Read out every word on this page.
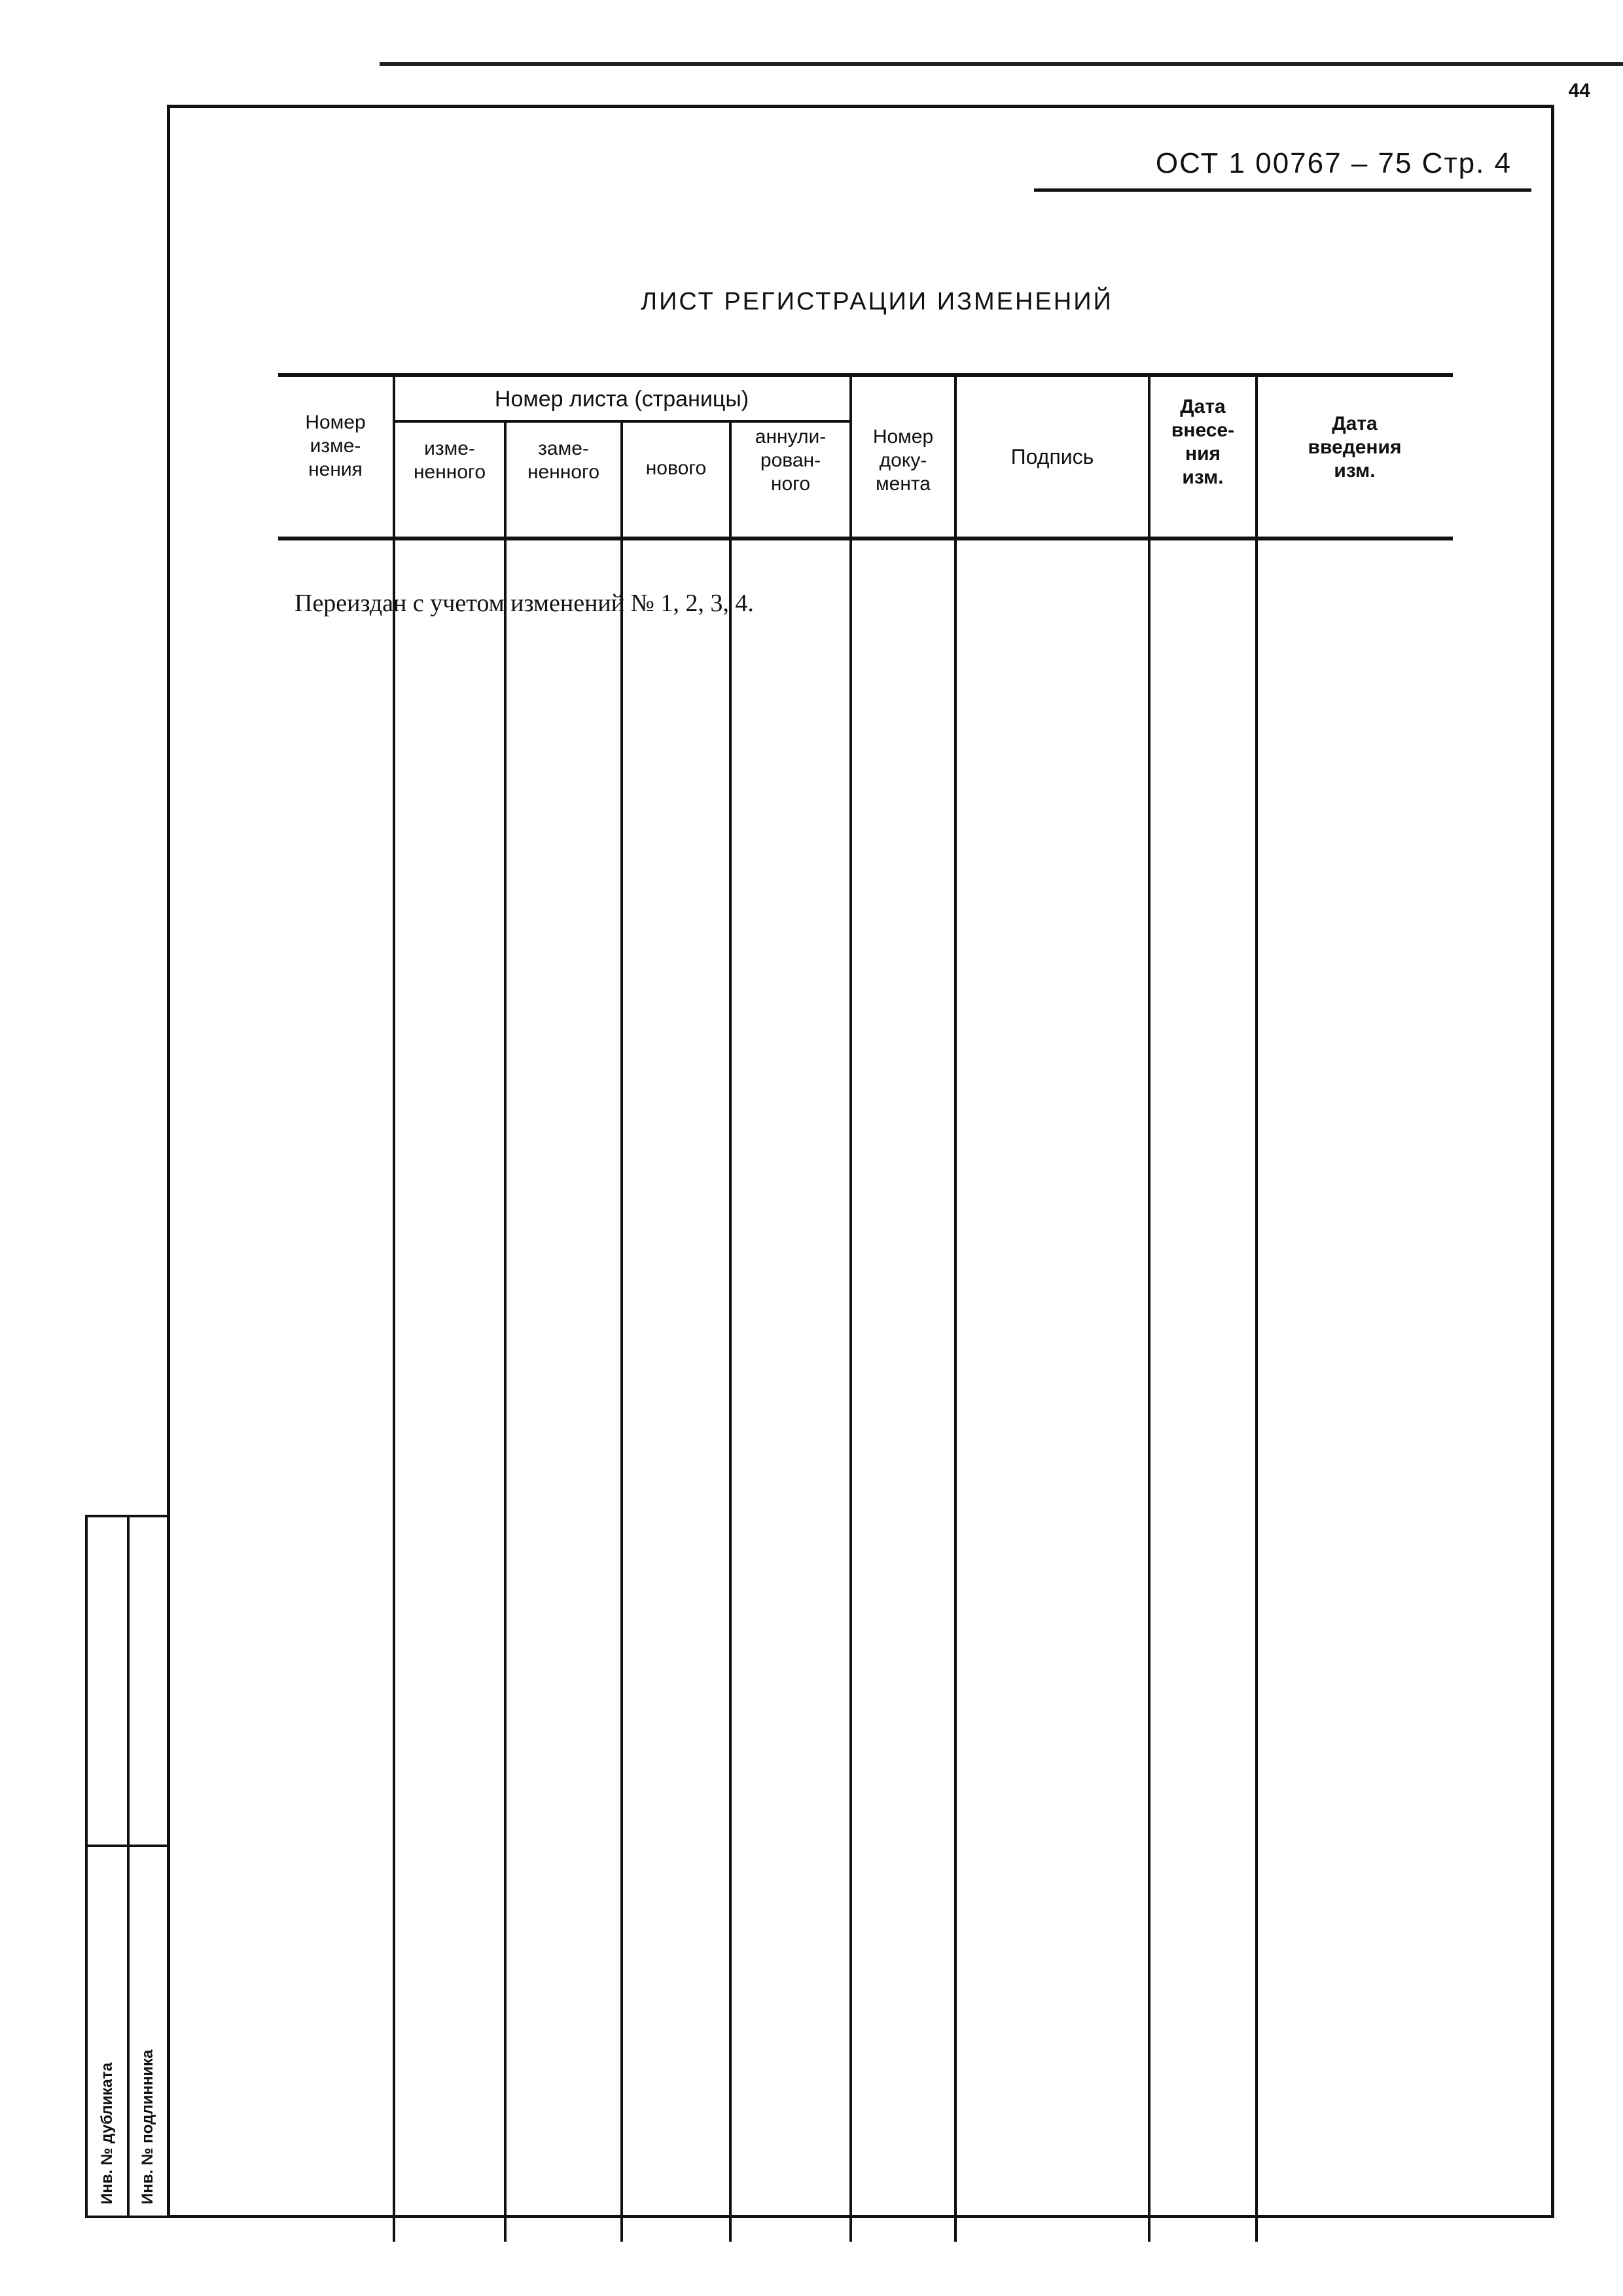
44
ОСТ 1 00767 – 75 Стр. 4
ЛИСТ РЕГИСТРАЦИИ ИЗМЕНЕНИЙ
Номер
изме-
нения
Номер листа (страницы)
изме-
ненного
заме-
ненного	нового
аннули-
рован-
ного
Номер
доку-
мента
Подпись
Дата
внесе-
ния
изм.
Дата
введения
изм.
Переиздан с учетом изменений № 1, 2, 3, 4.
Инв. № дубликата Инв. № подлинника
